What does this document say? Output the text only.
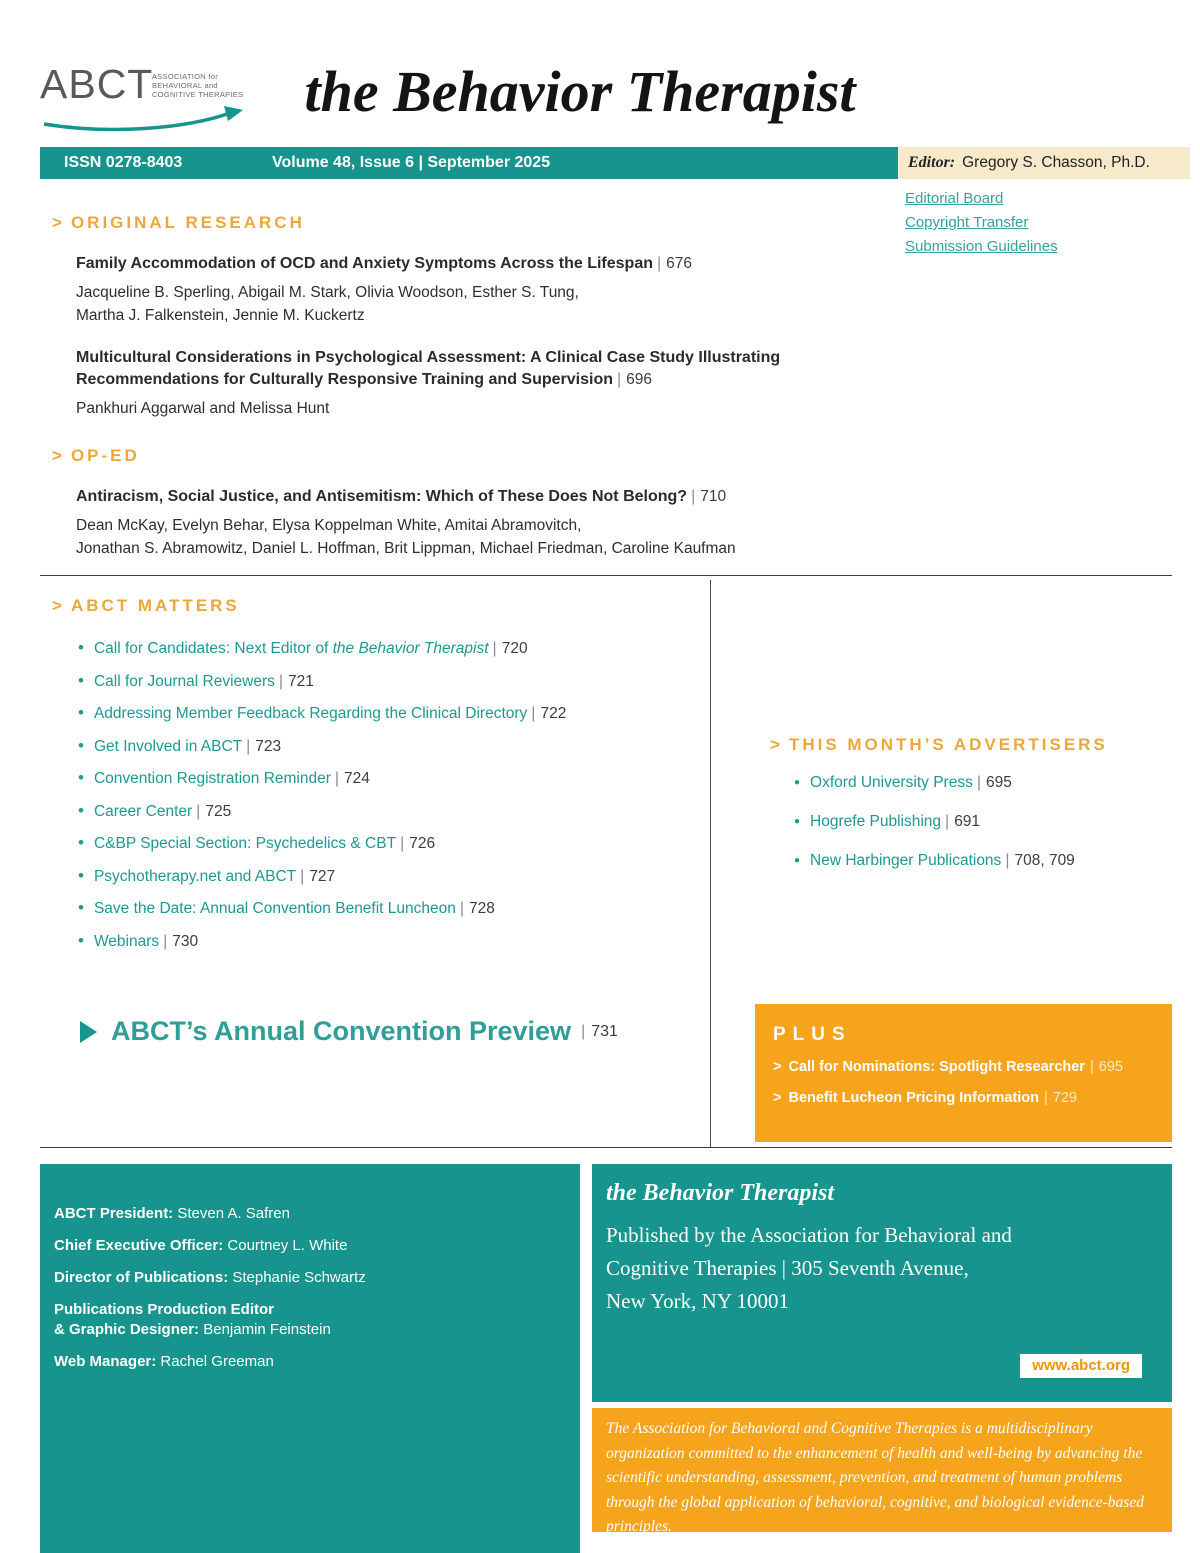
ABCT
ASSOCIATION for
BEHAVIORAL and
COGNITIVE THERAPIES	the Behavior Therapist
ISSN 0278-8403	Volume 48, Issue 6 | September 2025	Editor: Gregory S. Chasson, Ph.D.
Editorial Board
Copyright Transfer
Submission Guidelines
> ORIGINAL RESEARCH
Family Accommodation of OCD and Anxiety Symptoms Across the Lifespan | 676
Jacqueline B. Sperling, Abigail M. Stark, Olivia Woodson, Esther S. Tung,
Martha J. Falkenstein, Jennie M. Kuckertz
Multicultural Considerations in Psychological Assessment: A Clinical Case Study Illustrating Recommendations for Culturally Responsive Training and Supervision | 696
Pankhuri Aggarwal and Melissa Hunt
> OP-ED
Antiracism, Social Justice, and Antisemitism: Which of These Does Not Belong? | 710
Dean McKay, Evelyn Behar, Elysa Koppelman White, Amitai Abramovitch,
Jonathan S. Abramowitz, Daniel L. Hoffman, Brit Lippman, Michael Friedman, Caroline Kaufman
> ABCT MATTERS
•
Call for Candidates: Next Editor of the Behavior Therapist | 720
•
Call for Journal Reviewers | 721
•
Addressing Member Feedback Regarding the Clinical Directory | 722
•
Get Involved in ABCT | 723
•
Convention Registration Reminder | 724
•
Career Center | 725
•
C&BP Special Section: Psychedelics & CBT | 726
•
Psychotherapy.net and ABCT | 727
•
Save the Date: Annual Convention Benefit Luncheon | 728
•
Webinars | 730
> THIS MONTH’S ADVERTISERS
●
Oxford University Press | 695
●
Hogrefe Publishing | 691
●
New Harbinger Publications | 708, 709
ABCT’s Annual Convention Preview | 731	PLUS
> Call for Nominations: Spotlight Researcher | 695
> Benefit Lucheon Pricing Information | 729
ABCT President: Steven A. Safren
Chief Executive Officer: Courtney L. White
Director of Publications: Stephanie Schwartz
Publications Production Editor
& Graphic Designer: Benjamin Feinstein
Web Manager: Rachel Greeman
the Behavior Therapist
Published by the Association for Behavioral and
Cognitive Therapies | 305 Seventh Avenue,
New York, NY 10001
www.abct.org
The Association for Behavioral and Cognitive Therapies is a multidisciplinary organization committed to the enhancement of health and well-being by advancing the scientific understanding, assessment, prevention, and treatment of human problems through the global application of behavioral, cognitive, and biological evidence-based principles.
